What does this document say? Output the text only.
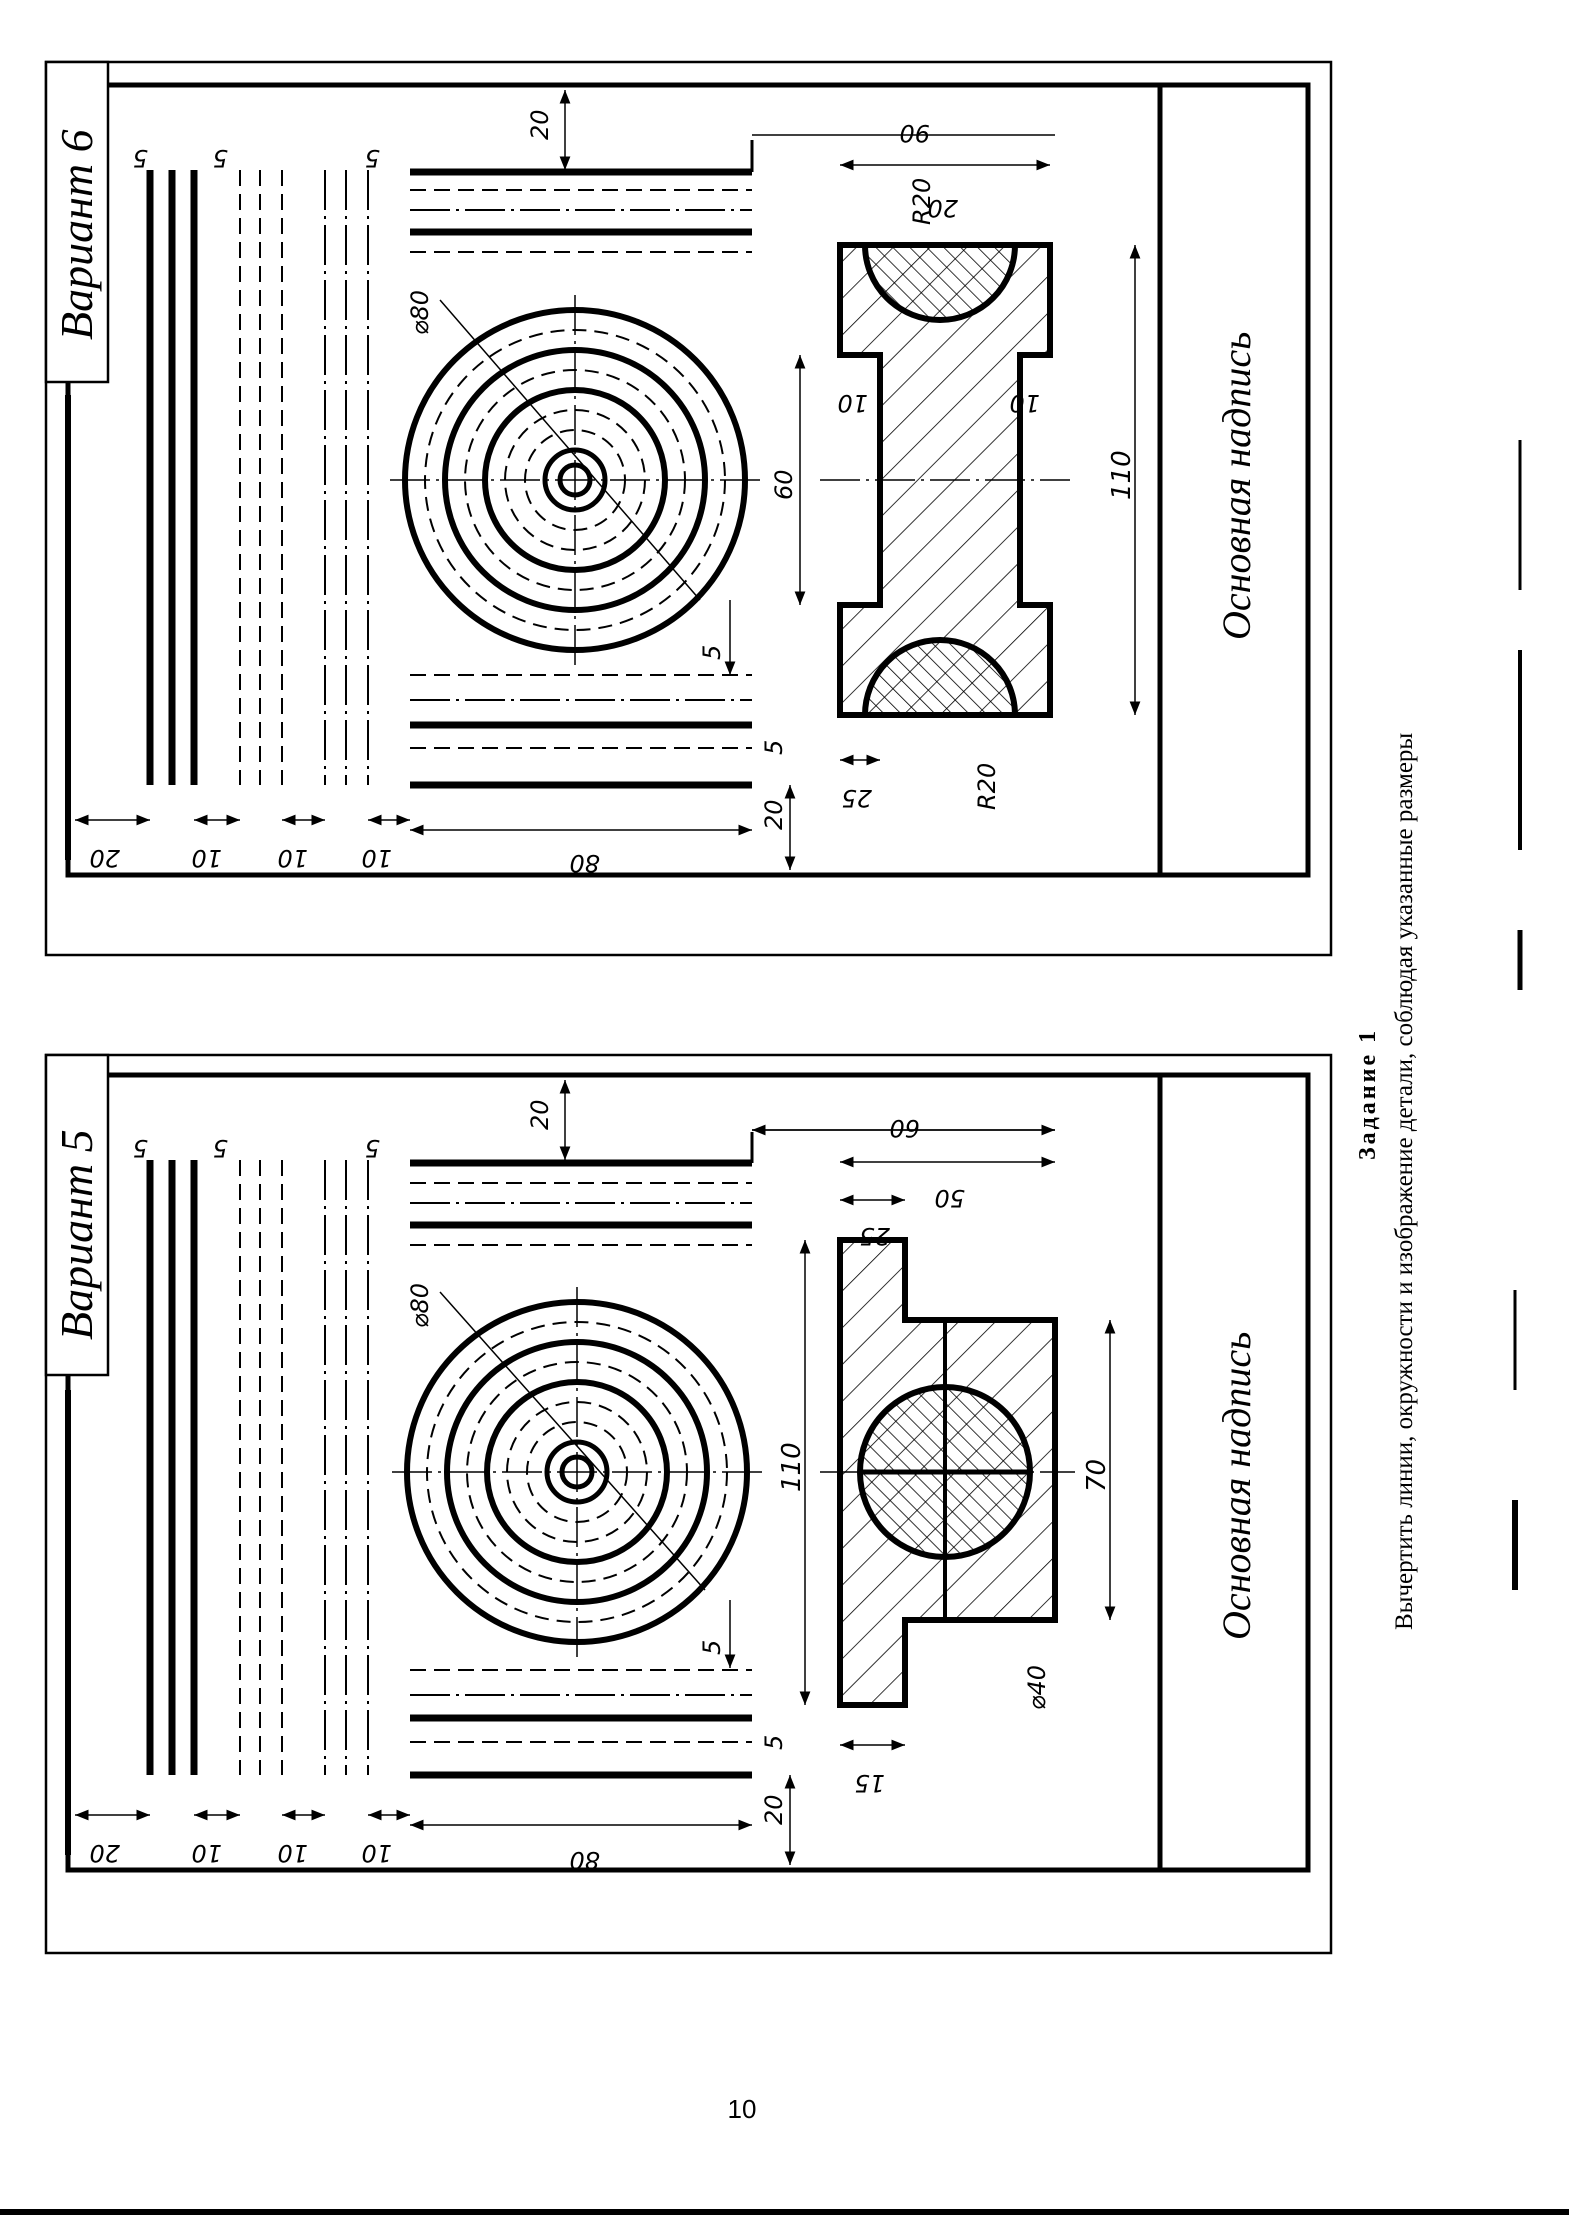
Вариант 6
20	10 10 10	80
20
5
5	5	5
20
⌀80
5
90
60
10	10
110
25
R20
R20
20
Основная надпись
Вариант 5
20	10 10 10	80
20
5
5	5	5
20
⌀80
5
60
50
25
110	70
15
⌀40
Основная надпись
Задание 1 Вычертить линии, окружности и изображение детали, соблюдая указанные размеры
10
